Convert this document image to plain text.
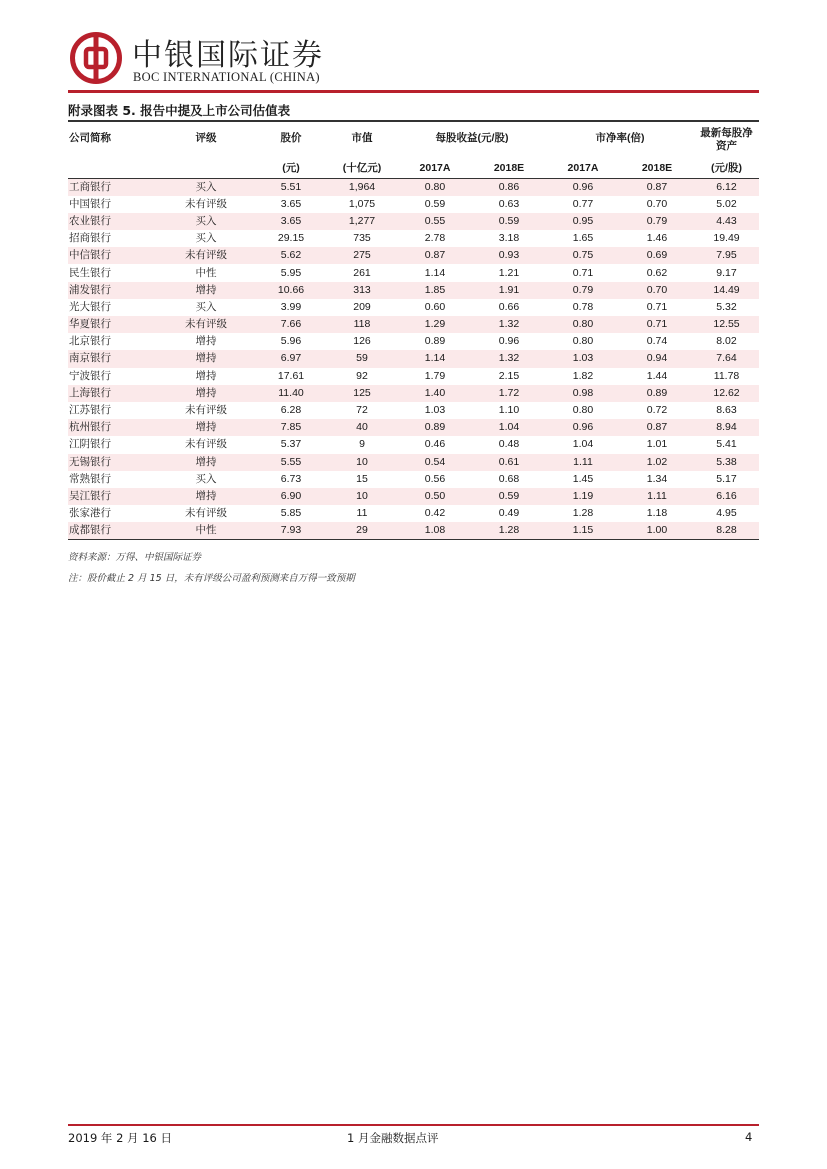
中银国际证券
BOC INTERNATIONAL (CHINA)
附录图表 5. 报告中提及上市公司估值表
公司简称	评级	股价	市值	每股收益(元/股)		市净率(倍)		最新每股净
资产

		(元)	(十亿元)	2017A	2018E	2017A	2018E	(元/股)
工商银行	买入	5.51	1,964	0.80	0.86	0.96	0.87	6.12
中国银行	未有评级	3.65	1,075	0.59	0.63	0.77	0.70	5.02
农业银行	买入	3.65	1,277	0.55	0.59	0.95	0.79	4.43
招商银行	买入	29.15	735	2.78	3.18	1.65	1.46	19.49
中信银行	未有评级	5.62	275	0.87	0.93	0.75	0.69	7.95
民生银行	中性	5.95	261	1.14	1.21	0.71	0.62	9.17
浦发银行	增持	10.66	313	1.85	1.91	0.79	0.70	14.49
光大银行	买入	3.99	209	0.60	0.66	0.78	0.71	5.32
华夏银行	未有评级	7.66	118	1.29	1.32	0.80	0.71	12.55
北京银行	增持	5.96	126	0.89	0.96	0.80	0.74	8.02
南京银行	增持	6.97	59	1.14	1.32	1.03	0.94	7.64
宁波银行	增持	17.61	92	1.79	2.15	1.82	1.44	11.78
上海银行	增持	11.40	125	1.40	1.72	0.98	0.89	12.62
江苏银行	未有评级	6.28	72	1.03	1.10	0.80	0.72	8.63
杭州银行	增持	7.85	40	0.89	1.04	0.96	0.87	8.94
江阴银行	未有评级	5.37	9	0.46	0.48	1.04	1.01	5.41
无锡银行	增持	5.55	10	0.54	0.61	1.11	1.02	5.38
常熟银行	买入	6.73	15	0.56	0.68	1.45	1.34	5.17
吴江银行	增持	6.90	10	0.50	0.59	1.19	1.11	6.16
张家港行	未有评级	5.85	11	0.42	0.49	1.28	1.18	4.95
成都银行	中性	7.93	29	1.08	1.28	1.15	1.00	8.28
资料来源：万得、中银国际证券
注：股价截止 2 月 15 日，未有评级公司盈利预测来自万得一致预期
2019 年 2 月 16 日	1 月金融数据点评	4
